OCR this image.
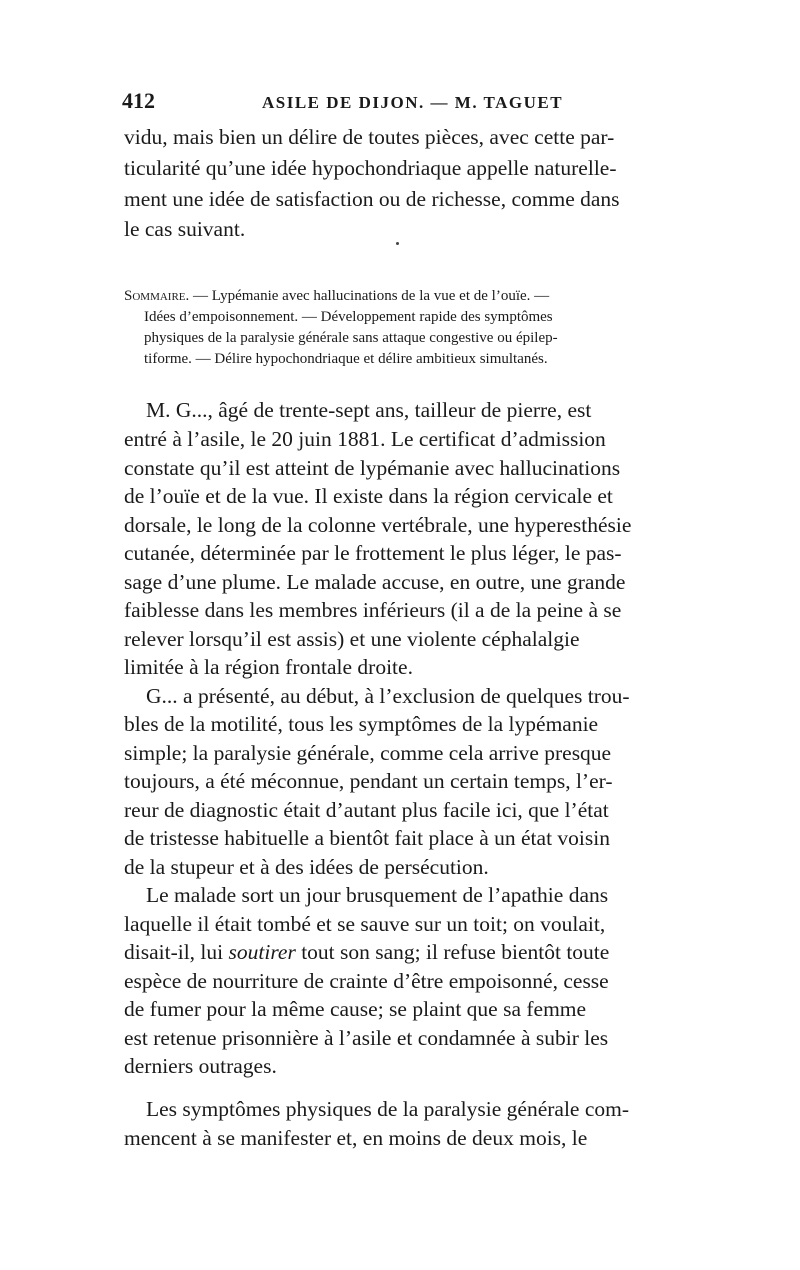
412	ASILE DE DIJON. — M. TAGUET
vidu, mais bien un délire de toutes pièces, avec cette par-
ticularité qu’une idée hypochondriaque appelle naturelle-
ment une idée de satisfaction ou de richesse, comme dans
le cas suivant.
Sommaire. — Lypémanie avec hallucinations de la vue et de l’ouïe. —
Idées d’empoisonnement. — Développement rapide des symptômes
physiques de la paralysie générale sans attaque congestive ou épilep-
tiforme. — Délire hypochondriaque et délire ambitieux simultanés.
M. G..., âgé de trente-sept ans, tailleur de pierre, est
entré à l’asile, le 20 juin 1881. Le certificat d’admission
constate qu’il est atteint de lypémanie avec hallucinations
de l’ouïe et de la vue. Il existe dans la région cervicale et
dorsale, le long de la colonne vertébrale, une hyperesthésie
cutanée, déterminée par le frottement le plus léger, le pas-
sage d’une plume. Le malade accuse, en outre, une grande
faiblesse dans les membres inférieurs (il a de la peine à se
relever lorsqu’il est assis) et une violente céphalalgie
limitée à la région frontale droite.
G... a présenté, au début, à l’exclusion de quelques trou-
bles de la motilité, tous les symptômes de la lypémanie
simple; la paralysie générale, comme cela arrive presque
toujours, a été méconnue, pendant un certain temps, l’er-
reur de diagnostic était d’autant plus facile ici, que l’état
de tristesse habituelle a bientôt fait place à un état voisin
de la stupeur et à des idées de persécution.
Le malade sort un jour brusquement de l’apathie dans
laquelle il était tombé et se sauve sur un toit; on voulait,
disait-il, lui soutirer tout son sang; il refuse bientôt toute
espèce de nourriture de crainte d’être empoisonné, cesse
de fumer pour la même cause; se plaint que sa femme
est retenue prisonnière à l’asile et condamnée à subir les
derniers outrages.
Les symptômes physiques de la paralysie générale com-
mencent à se manifester et, en moins de deux mois, le
